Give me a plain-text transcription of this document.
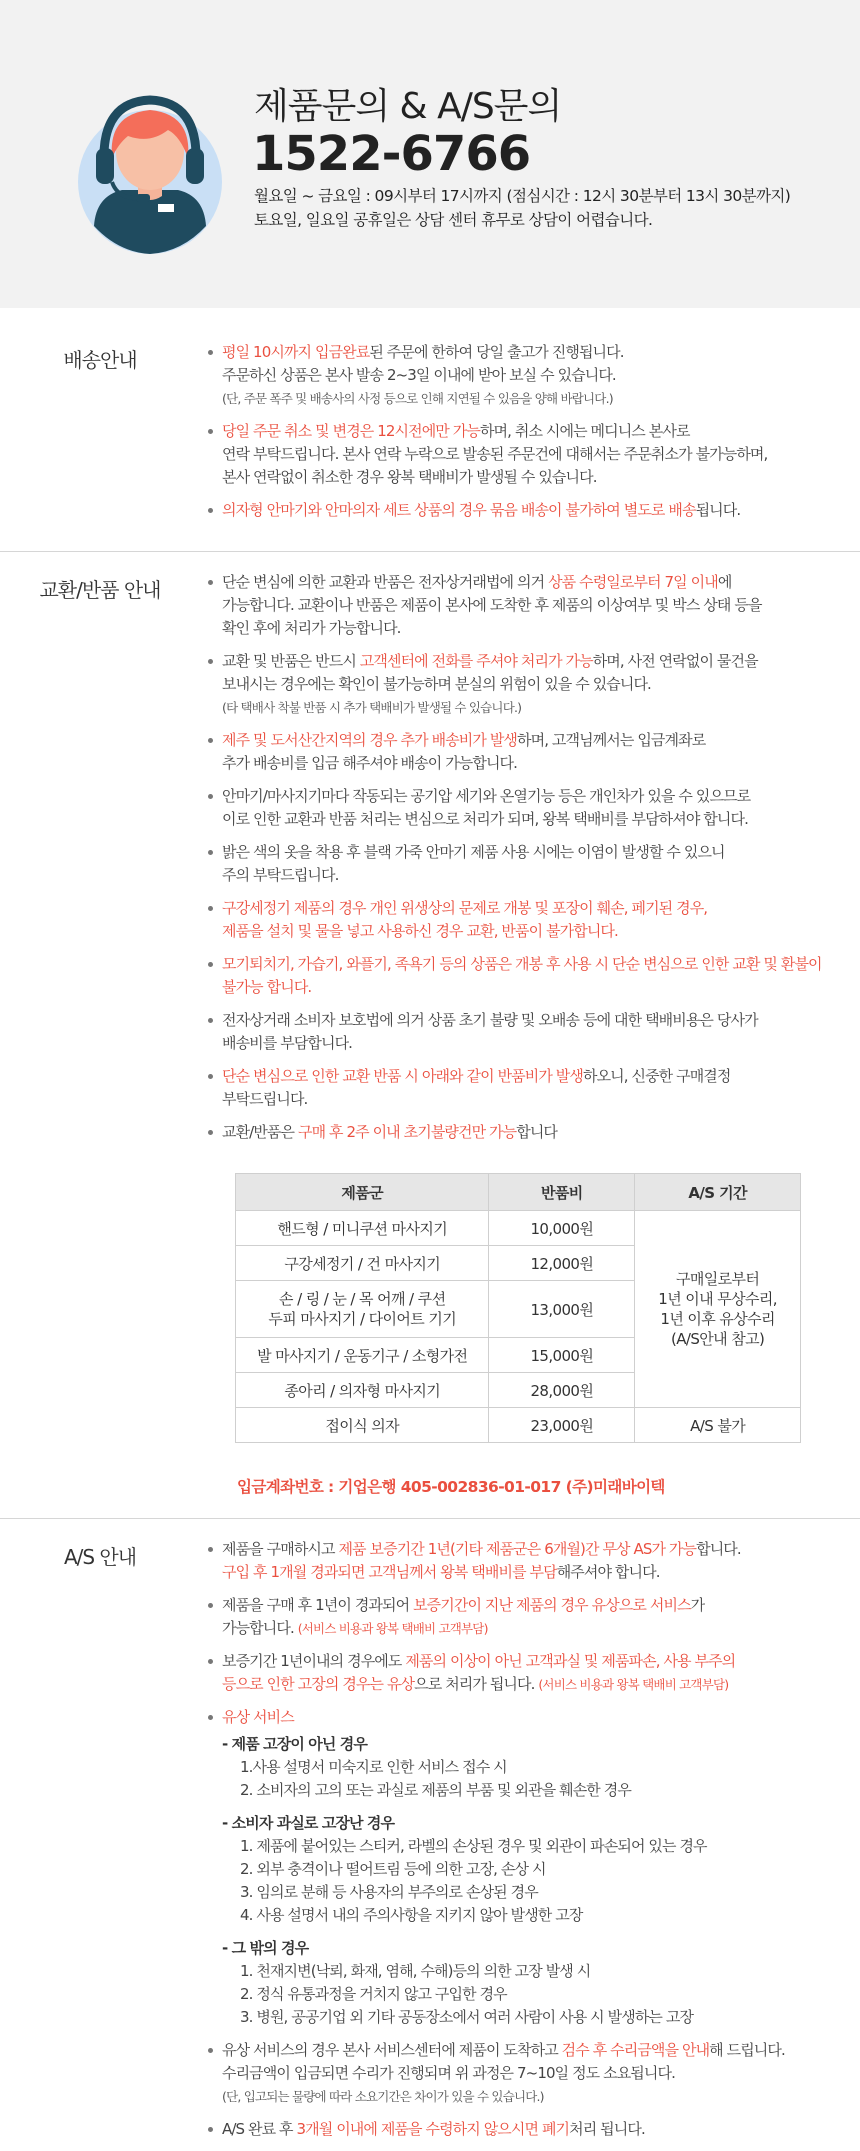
제품문의 & A/S문의
1522-6766
월요일 ~ 금요일 : 09시부터 17시까지 (점심시간 : 12시 30분부터 13시 30분까지)
토요일, 일요일 공휴일은 상담 센터 휴무로 상담이 어렵습니다.
배송안내	평일 10시까지 입금완료된 주문에 한하여 당일 출고가 진행됩니다.
주문하신 상품은 본사 발송 2~3일 이내에 받아 보실 수 있습니다.
(단, 주문 폭주 및 배송사의 사정 등으로 인해 지연될 수 있음을 양해 바랍니다.)
당일 주문 취소 및 변경은 12시전에만 가능하며, 취소 시에는 메디니스 본사로
연락 부탁드립니다. 본사 연락 누락으로 발송된 주문건에 대해서는 주문취소가 불가능하며,
본사 연락없이 취소한 경우 왕복 택배비가 발생될 수 있습니다.
의자형 안마기와 안마의자 세트 상품의 경우 묶음 배송이 불가하여 별도로 배송됩니다.
교환/반품 안내	단순 변심에 의한 교환과 반품은 전자상거래법에 의거 상품 수령일로부터 7일 이내에
가능합니다. 교환이나 반품은 제품이 본사에 도착한 후 제품의 이상여부 및 박스 상태 등을
확인 후에 처리가 가능합니다.
교환 및 반품은 반드시 고객센터에 전화를 주셔야 처리가 가능하며, 사전 연락없이 물건을
보내시는 경우에는 확인이 불가능하며 분실의 위험이 있을 수 있습니다.
(타 택배사 착불 반품 시 추가 택배비가 발생될 수 있습니다.)
제주 및 도서산간지역의 경우 추가 배송비가 발생하며, 고객님께서는 입금계좌로
추가 배송비를 입금 해주셔야 배송이 가능합니다.
안마기/마사지기마다 작동되는 공기압 세기와 온열기능 등은 개인차가 있을 수 있으므로
이로 인한 교환과 반품 처리는 변심으로 처리가 되며, 왕복 택배비를 부담하셔야 합니다.
밝은 색의 옷을 착용 후 블랙 가죽 안마기 제품 사용 시에는 이염이 발생할 수 있으니
주의 부탁드립니다.
구강세정기 제품의 경우 개인 위생상의 문제로 개봉 및 포장이 훼손, 페기된 경우,
제품을 설치 및 물을 넣고 사용하신 경우 교환, 반품이 불가합니다.
모기퇴치기, 가습기, 와플기, 족욕기 등의 상품은 개봉 후 사용 시 단순 변심으로 인한 교환 및 환불이
불가능 합니다.
전자상거래 소비자 보호법에 의거 상품 초기 불량 및 오배송 등에 대한 택배비용은 당사가
배송비를 부담합니다.
단순 변심으로 인한 교환 반품 시 아래와 같이 반품비가 발생하오니, 신중한 구매결정
부탁드립니다.
교환/반품은 구매 후 2주 이내 초기불량건만 가능합니다
제품군	반품비	A/S 기간
핸드형 / 미니쿠션 마사지기	10,000원	구매일로부터
1년 이내 무상수리,
1년 이후 유상수리
(A/S안내 참고)
구강세정기 / 건 마사지기	12,000원	
손 / 링 / 눈 / 목 어깨 / 쿠션
두피 마사지기 / 다이어트 기기	13,000원	
발 마사지기 / 운동기구 / 소형가전	15,000원	
종아리 / 의자형 마사지기	28,000원	
접이식 의자	23,000원	A/S 불가
입금계좌번호 : 기업은행 405-002836-01-017 (주)미래바이텍
A/S 안내	제품을 구매하시고 제품 보증기간 1년(기타 제품군은 6개월)간 무상 AS가 가능합니다.
구입 후 1개월 경과되면 고객님께서 왕복 택배비를 부담해주셔야 합니다.
제품을 구매 후 1년이 경과되어 보증기간이 지난 제품의 경우 유상으로 서비스가
가능합니다. (서비스 비용과 왕복 택배비 고객부담)
보증기간 1년이내의 경우에도 제품의 이상이 아닌 고객과실 및 제품파손, 사용 부주의
등으로 인한 고장의 경우는 유상으로 처리가 됩니다. (서비스 비용과 왕복 택배비 고객부담)
유상 서비스
- 제품 고장이 아닌 경우
1.사용 설명서 미숙지로 인한 서비스 접수 시
2. 소비자의 고의 또는 과실로 제품의 부품 및 외관을 훼손한 경우
- 소비자 과실로 고장난 경우
1. 제품에 붙어있는 스티커, 라벨의 손상된 경우 및 외관이 파손되어 있는 경우
2. 외부 충격이나 떨어트림 등에 의한 고장, 손상 시
3. 임의로 분해 등 사용자의 부주의로 손상된 경우
4. 사용 설명서 내의 주의사항을 지키지 않아 발생한 고장
- 그 밖의 경우
1. 천재지변(낙뢰, 화재, 염해, 수해)등의 의한 고장 발생 시
2. 정식 유통과정을 거치지 않고 구입한 경우
3. 병원, 공공기업 외 기타 공동장소에서 여러 사람이 사용 시 발생하는 고장
유상 서비스의 경우 본사 서비스센터에 제품이 도착하고 검수 후 수리금액을 안내해 드립니다.
수리금액이 입금되면 수리가 진행되며 위 과정은 7~10일 정도 소요됩니다.
(단, 입고되는 물량에 따라 소요기간은 차이가 있을 수 있습니다.)
A/S 완료 후 3개월 이내에 제품을 수령하지 않으시면 폐기처리 됩니다.
